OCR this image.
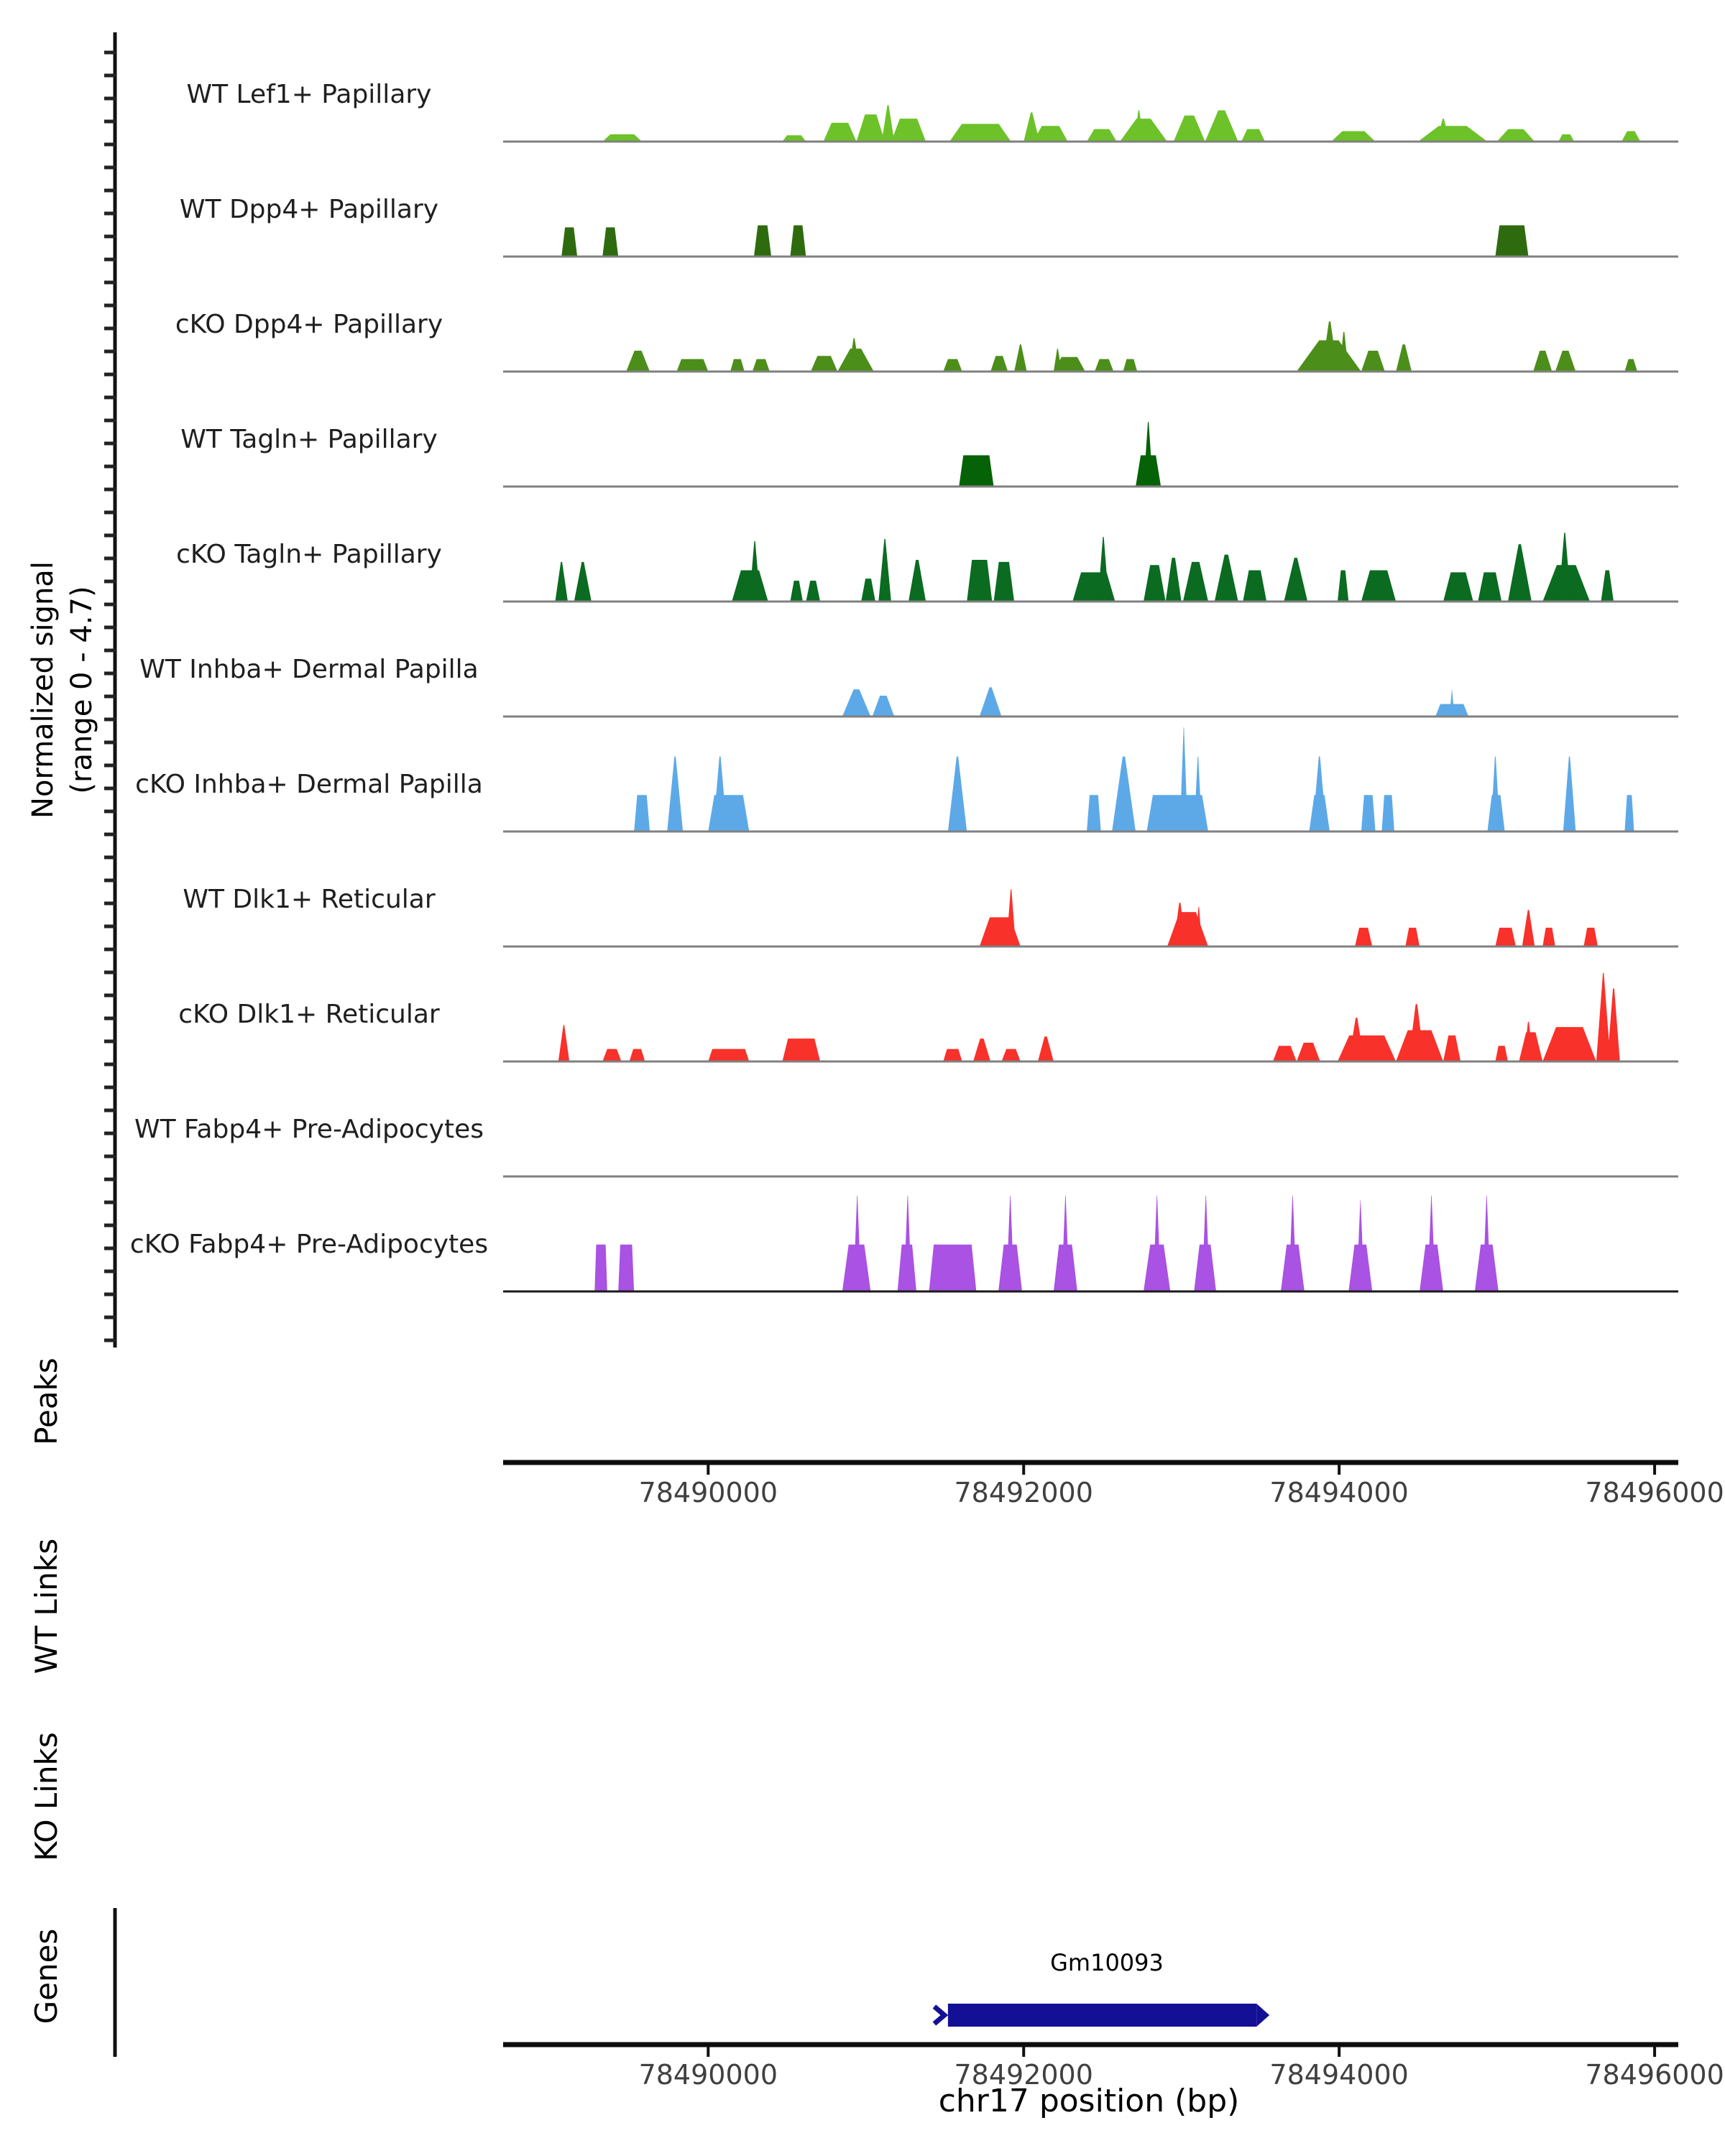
Normalized signal (range 0 - 4.7)
Peaks
WT Links
KO Links
Genes
WT Lef1+ Papillary
WT Dpp4+ Papillary
cKO Dpp4+ Papillary
WT Tagln+ Papillary
cKO Tagln+ Papillary
WT Inhba+ Dermal Papilla
cKO Inhba+ Dermal Papilla
WT Dlk1+ Reticular
cKO Dlk1+ Reticular
WT Fabp4+ Pre-Adipocytes
cKO Fabp4+ Pre-Adipocytes
78490000	78492000	78494000	78496000
78490000	78492000	78494000	78496000
chr17 position (bp)
Gm10093
